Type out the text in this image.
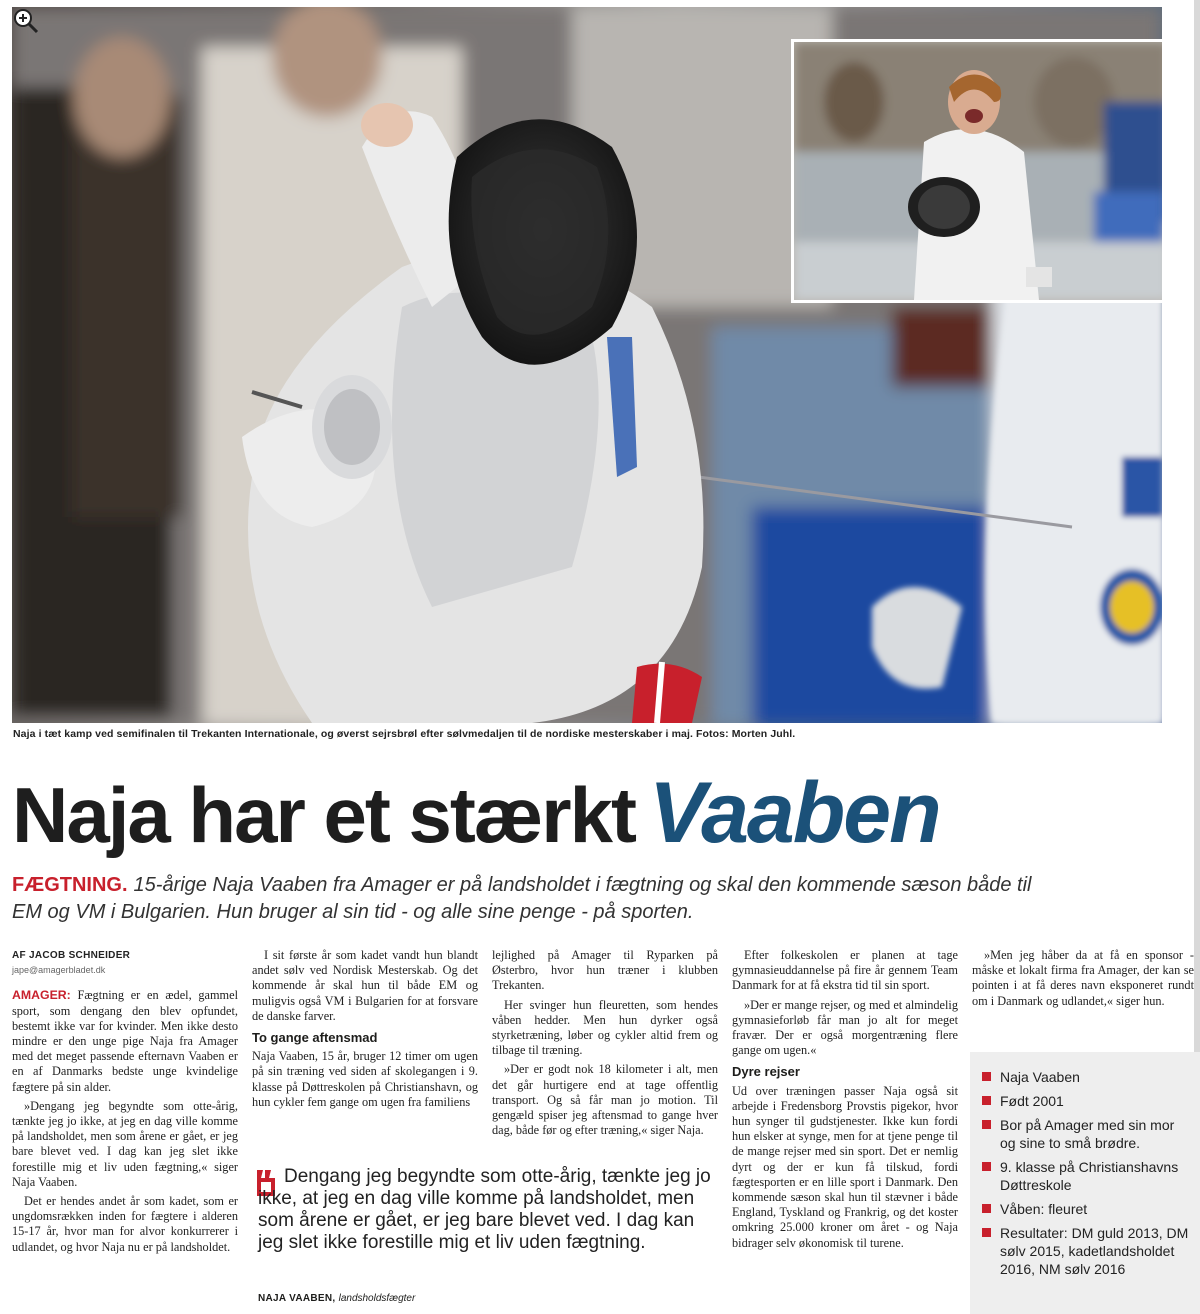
Naja i tæt kamp ved semifinalen til Trekanten Internationale, og øverst sejrsbrøl efter sølvmedaljen til de nordiske mesterskaber i maj. Fotos: Morten Juhl.
Naja har et stærkt Vaaben
FÆGTNING. 15-årige Naja Vaaben fra Amager er på landsholdet i fægtning og skal den kommende sæson både til EM og VM i Bulgarien. Hun bruger al sin tid - og alle sine penge - på sporten.
AF JACOB SCHNEIDER
jape@amagerbladet.dk

AMAGER: Fægtning er en ædel, gammel sport, som dengang den blev opfundet, bestemt ikke var for kvinder. Men ikke desto mindre er den unge pige Naja fra Amager med det meget passende efternavn Vaaben er en af Danmarks bedste unge kvindelige fægtere på sin alder.

»Dengang jeg begyndte som otte-årig, tænkte jeg jo ikke, at jeg en dag ville komme på landsholdet, men som årene er gået, er jeg bare blevet ved. I dag kan jeg slet ikke forestille mig et liv uden fægtning,« siger Naja Vaaben.

Det er hendes andet år som kadet, som er ungdomsrækken inden for fægtere i alderen 15-17 år, hvor man for alvor konkurrerer i udlandet, og hvor Naja nu er på landsholdet.

I sit første år som kadet vandt hun blandt andet sølv ved Nordisk Mesterskab. Og det kommende år skal hun til både EM og muligvis også VM i Bulgarien for at forsvare de danske farver.

To gange aftensmad

Naja Vaaben, 15 år, bruger 12 timer om ugen på sin træning ved siden af skolegangen i 9. klasse på Døttreskolen på Christianshavn, og hun cykler fem gange om ugen fra familiens

lejlighed på Amager til Ryparken på Østerbro, hvor hun træner i klubben Trekanten.

Her svinger hun fleuretten, som hendes våben hedder. Men hun dyrker også styrketræning, løber og cykler altid frem og tilbage til træning.

»Der er godt nok 18 kilometer i alt, men det går hurtigere end at tage offentlig transport. Og så får man jo motion. Til gengæld spiser jeg aftensmad to gange hver dag, både før og efter træning,« siger Naja.

Dengang jeg begyndte som otte-årig, tænkte jeg jo ikke, at jeg en dag ville komme på landsholdet, men som årene er gået, er jeg bare blevet ved. I dag kan jeg slet ikke forestille mig et liv uden fægtning.
NAJA VAABEN, landsholdsfægter

Efter folkeskolen er planen at tage gymnasieuddannelse på fire år gennem Team Danmark for at få ekstra tid til sin sport.

»Der er mange rejser, og med et almindelig gymnasieforløb får man jo alt for meget fravær. Der er også morgentræning flere gange om ugen.«

Dyre rejser

Ud over træningen passer Naja også sit arbejde i Fredensborg Provstis pigekor, hvor hun synger til gudstjenester. Ikke kun fordi hun elsker at synge, men for at tjene penge til de mange rejser med sin sport. Det er nemlig dyrt og der er kun få tilskud, fordi fægtesporten er en lille sport i Danmark. Den kommende sæson skal hun til stævner i både England, Tyskland og Frankrig, og det koster omkring 25.000 kroner om året - og Naja bidrager selv økonomisk til turene.

»Men jeg håber da at få en sponsor - måske et lokalt firma fra Amager, der kan se pointen i at få deres navn eksponeret rundt om i Danmark og udlandet,« siger hun.

Naja Vaaben
Født 2001
Bor på Amager med sin mor og sine to små brødre.
9. klasse på Christianshavns Døttreskole
Våben: fleuret
Resultater: DM guld 2013, DM sølv 2015, kadetlandsholdet 2016, NM sølv 2016
